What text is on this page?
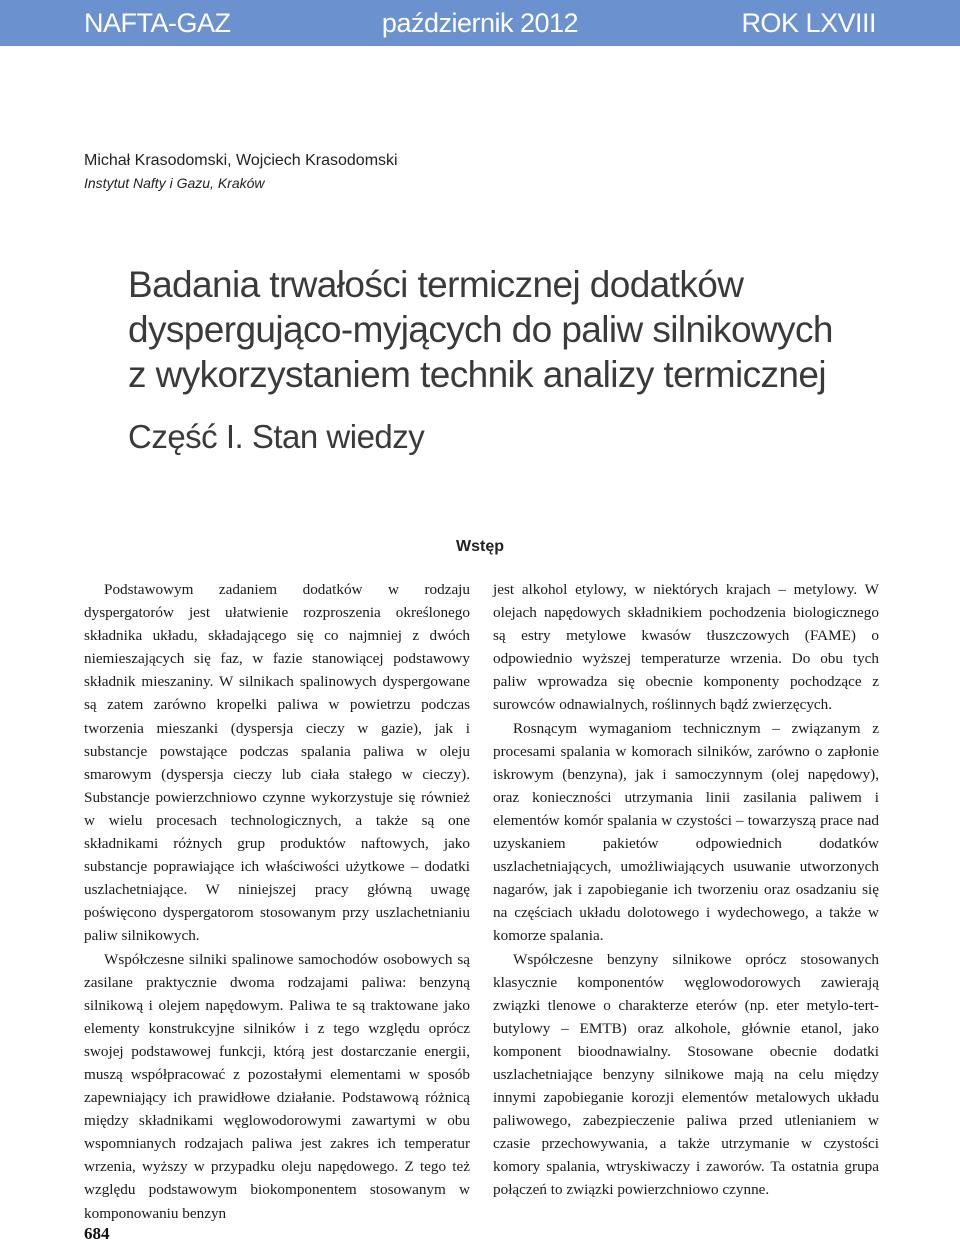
NAFTA-GAZ	październik 2012	ROK LXVIII
Michał Krasodomski, Wojciech Krasodomski
Instytut Nafty i Gazu, Kraków
Badania trwałości termicznej dodatków
dyspergująco-myjących do paliw silnikowych
z wykorzystaniem technik analizy termicznej
Część I. Stan wiedzy
Wstęp

Podstawowym zadaniem dodatków w rodzaju dyspergatorów jest ułatwienie rozproszenia określonego składnika układu, składającego się co najmniej z dwóch niemieszających się faz, w fazie stanowiącej podstawowy składnik mieszaniny. W silnikach spalinowych dyspergowane są zatem zarówno kropelki paliwa w powietrzu podczas tworzenia mieszanki (dyspersja cieczy w gazie), jak i substancje powstające podczas spalania paliwa w oleju smarowym (dyspersja cieczy lub ciała stałego w cieczy). Substancje powierzchniowo czynne wykorzystuje się również w wielu procesach technologicznych, a także są one składnikami różnych grup produktów naftowych, jako substancje poprawiające ich właściwości użytkowe – dodatki uszlachetniające. W niniejszej pracy główną uwagę poświęcono dyspergatorom stosowanym przy uszlachetnianiu paliw silnikowych.

Współczesne silniki spalinowe samochodów osobowych są zasilane praktycznie dwoma rodzajami paliwa: benzyną silnikową i olejem napędowym. Paliwa te są traktowane jako elementy konstrukcyjne silników i z tego względu oprócz swojej podstawowej funkcji, którą jest dostarczanie energii, muszą współpracować z pozostałymi elementami w sposób zapewniający ich prawidłowe działanie. Podstawową różnicą między składnikami węglowodorowymi zawartymi w obu wspomnianych rodzajach paliwa jest zakres ich temperatur wrzenia, wyższy w przypadku oleju napędowego. Z tego też względu podstawowym biokomponentem stosowanym w komponowaniu benzyn

jest alkohol etylowy, w niektórych krajach – metylowy. W olejach napędowych składnikiem pochodzenia biologicznego są estry metylowe kwasów tłuszczowych (FAME) o odpowiednio wyższej temperaturze wrzenia. Do obu tych paliw wprowadza się obecnie komponenty pochodzące z surowców odnawialnych, roślinnych bądź zwierzęcych.

Rosnącym wymaganiom technicznym – związanym z procesami spalania w komorach silników, zarówno o zapłonie iskrowym (benzyna), jak i samoczynnym (olej napędowy), oraz konieczności utrzymania linii zasilania paliwem i elementów komór spalania w czystości – towarzyszą prace nad uzyskaniem pakietów odpowiednich dodatków uszlachetniających, umożliwiających usuwanie utworzonych nagarów, jak i zapobieganie ich tworzeniu oraz osadzaniu się na częściach układu dolotowego i wydechowego, a także w komorze spalania.

Współczesne benzyny silnikowe oprócz stosowanych klasycznie komponentów węglowodorowych zawierają związki tlenowe o charakterze eterów (np. eter metylo-tert-butylowy – EMTB) oraz alkohole, głównie etanol, jako komponent bioodnawialny. Stosowane obecnie dodatki uszlachetniające benzyny silnikowe mają na celu między innymi zapobieganie korozji elementów metalowych układu paliwowego, zabezpieczenie paliwa przed utlenianiem w czasie przechowywania, a także utrzymanie w czystości komory spalania, wtryskiwaczy i zaworów. Ta ostatnia grupa połączeń to związki powierzchniowo czynne.

684
